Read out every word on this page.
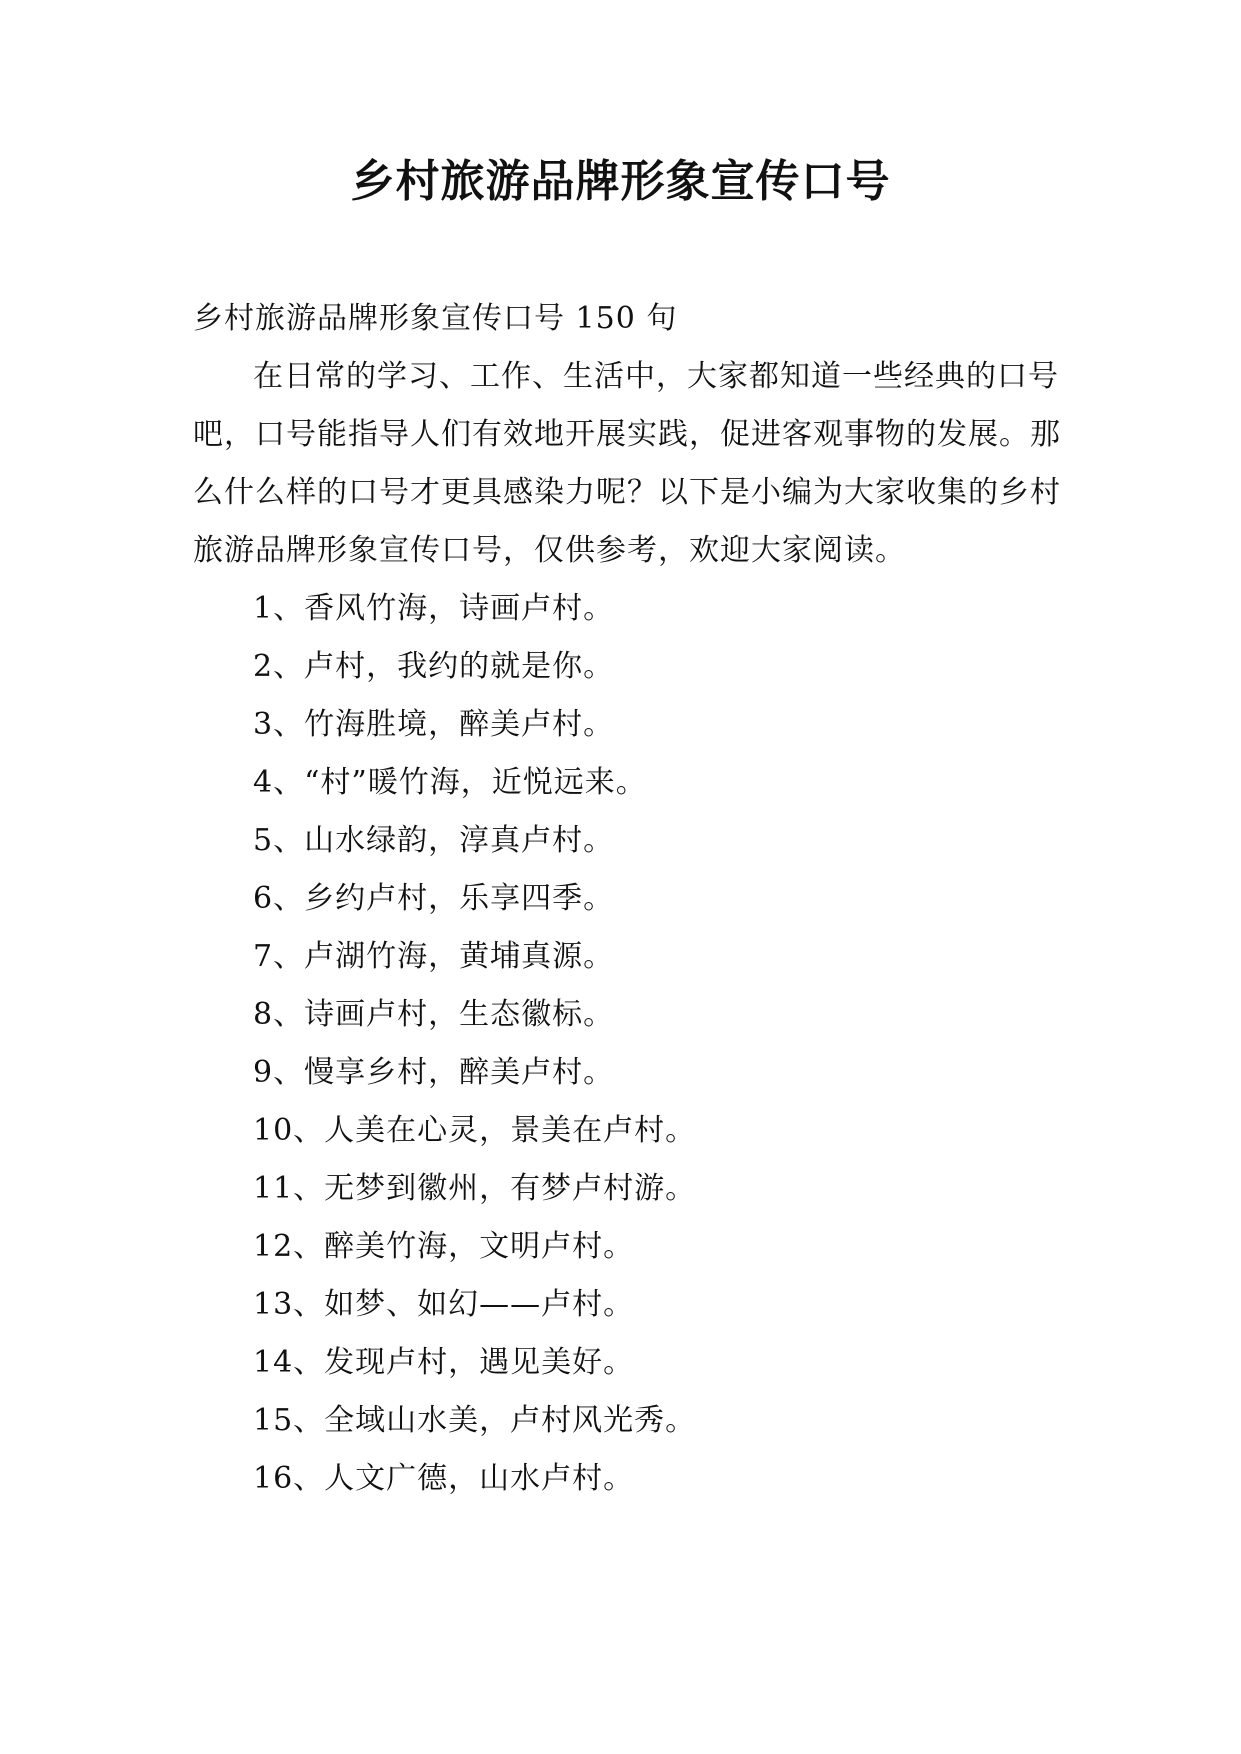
乡村旅游品牌形象宣传口号

乡村旅游品牌形象宣传口号 150 句

在日常的学习、工作、生活中，大家都知道一些经典的口号吧，口号能指导人们有效地开展实践，促进客观事物的发展。那么什么样的口号才更具感染力呢？以下是小编为大家收集的乡村旅游品牌形象宣传口号，仅供参考，欢迎大家阅读。

1、香风竹海，诗画卢村。
2、卢村，我约的就是你。
3、竹海胜境，醉美卢村。
4、“村”暖竹海，近悦远来。
5、山水绿韵，淳真卢村。
6、乡约卢村，乐享四季。
7、卢湖竹海，黄埔真源。
8、诗画卢村，生态徽标。
9、慢享乡村，醉美卢村。
10、人美在心灵，景美在卢村。
11、无梦到徽州，有梦卢村游。
12、醉美竹海，文明卢村。
13、如梦、如幻——卢村。
14、发现卢村，遇见美好。
15、全域山水美，卢村风光秀。
16、人文广德，山水卢村。
